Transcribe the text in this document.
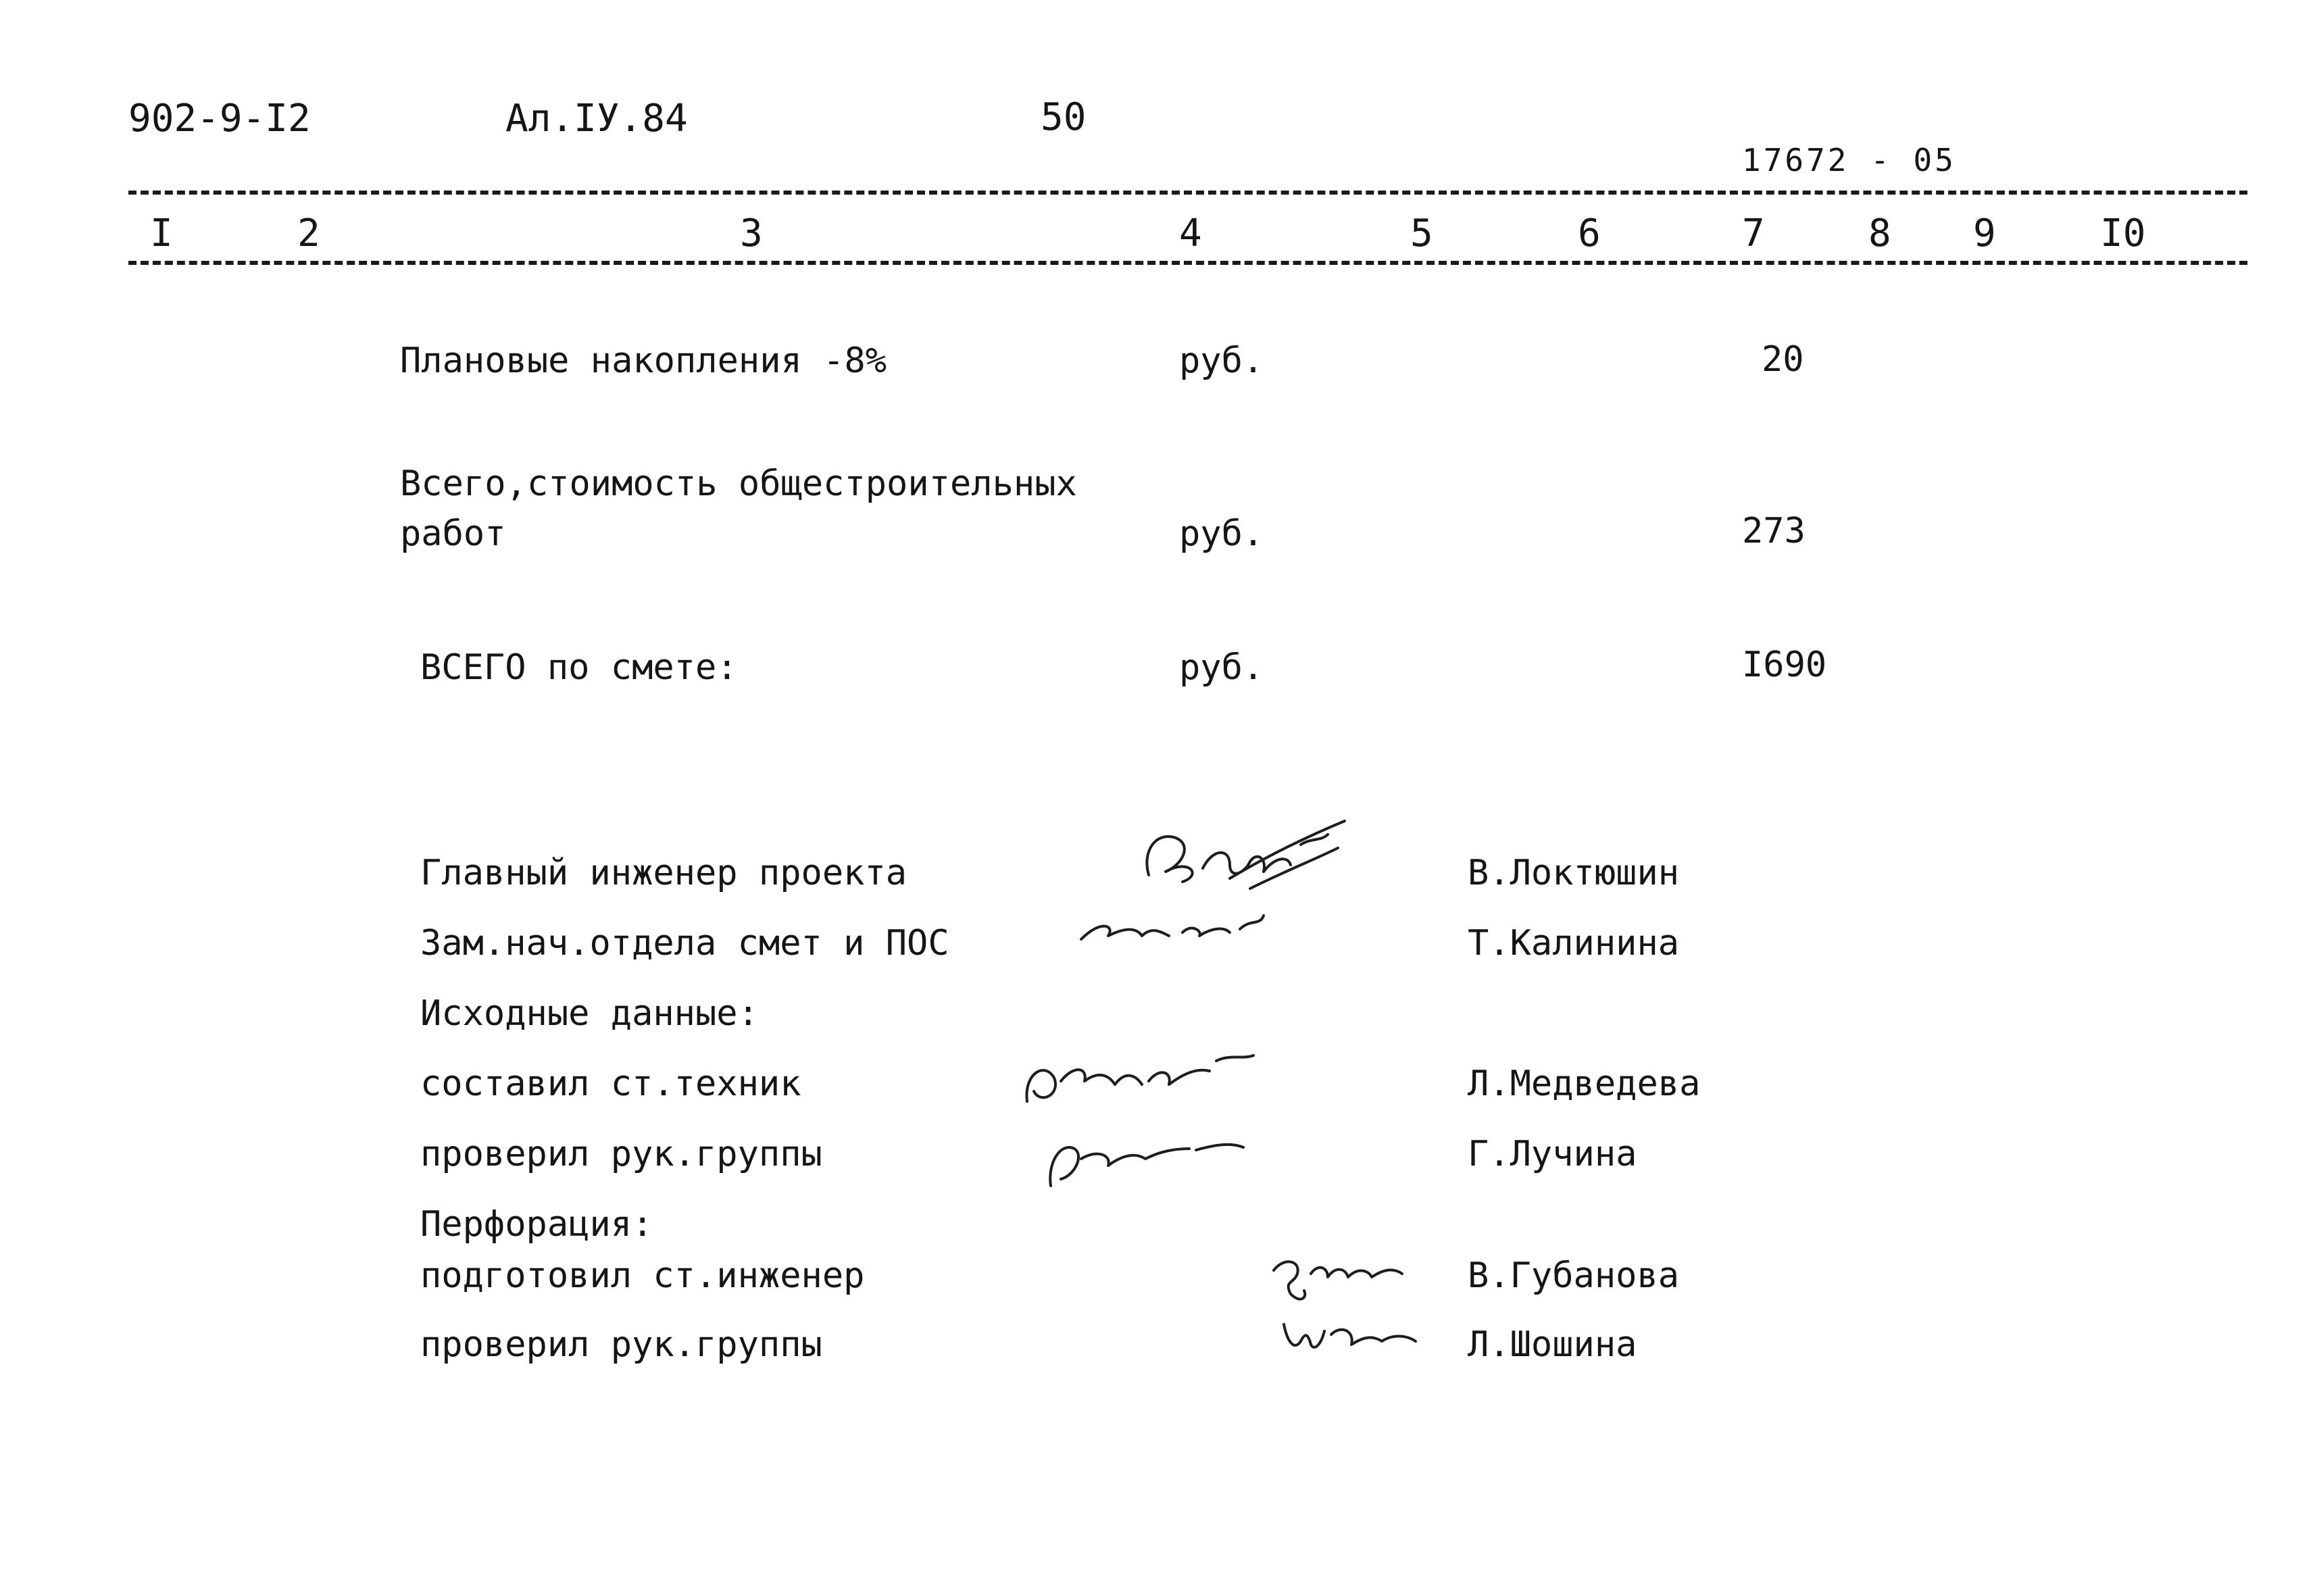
902-9-I2	Ал.IУ.84	50
17672 - 05
I	2	3	4	5	6	7	8 9	I0
Плановые накопления -8%	руб.	20
Всего,стоимость общестроительных
работ	руб.	273
ВСЕГО по смете:	руб.	I690
Главный инженер проекта	В.Локтюшин
Зам.нач.отдела смет и ПОС	Т.Калинина
Исходные данные:
составил ст.техник	Л.Медведева
проверил рук.группы	Г.Лучина
Перфорация:
подготовил ст.инженер	В.Губанова
проверил рук.группы	Л.Шошина
